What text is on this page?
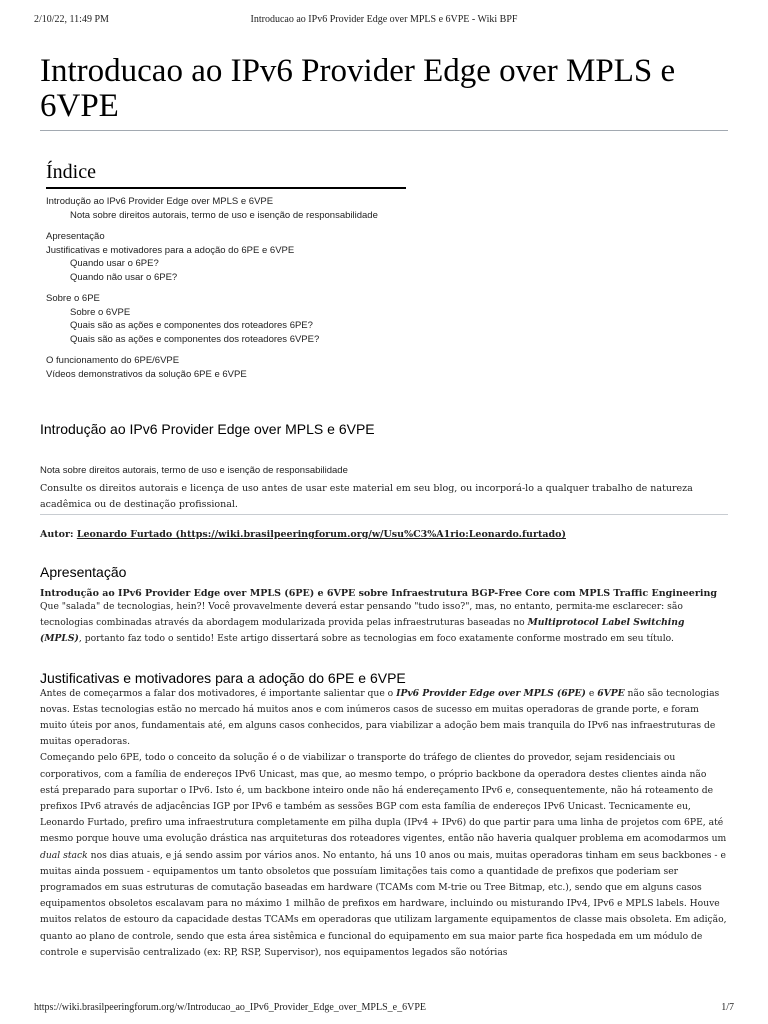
2/10/22, 11:49 PM	Introducao ao IPv6 Provider Edge over MPLS e 6VPE - Wiki BPF
Introducao ao IPv6 Provider Edge over MPLS e 6VPE
Índice
Introdução ao IPv6 Provider Edge over MPLS e 6VPE
Nota sobre direitos autorais, termo de uso e isenção de responsabilidade
Apresentação
Justificativas e motivadores para a adoção do 6PE e 6VPE
Quando usar o 6PE?
Quando não usar o 6PE?
Sobre o 6PE
Sobre o 6VPE
Quais são as ações e componentes dos roteadores 6PE?
Quais são as ações e componentes dos roteadores 6VPE?
O funcionamento do 6PE/6VPE
Vídeos demonstrativos da solução 6PE e 6VPE
Introdução ao IPv6 Provider Edge over MPLS e 6VPE
Nota sobre direitos autorais, termo de uso e isenção de responsabilidade
Consulte os direitos autorais e licença de uso antes de usar este material em seu blog, ou incorporá-lo a qualquer trabalho de natureza acadêmica ou de destinação profissional.
Autor: Leonardo Furtado (https://wiki.brasilpeeringforum.org/w/Usu%C3%A1rio:Leonardo.furtado)
Apresentação
Introdução ao IPv6 Provider Edge over MPLS (6PE) e 6VPE sobre Infraestrutura BGP-Free Core com MPLS Traffic Engineering

Que "salada" de tecnologias, hein?! Você provavelmente deverá estar pensando "tudo isso?", mas, no entanto, permita-me esclarecer: são tecnologias combinadas através da abordagem modularizada provida pelas infraestruturas baseadas no Multiprotocol Label Switching (MPLS), portanto faz todo o sentido! Este artigo dissertará sobre as tecnologias em foco exatamente conforme mostrado em seu título.

Justificativas e motivadores para a adoção do 6PE e 6VPE

Antes de começarmos a falar dos motivadores, é importante salientar que o IPv6 Provider Edge over MPLS (6PE) e 6VPE não são tecnologias novas. Estas tecnologias estão no mercado há muitos anos e com inúmeros casos de sucesso em muitas operadoras de grande porte, e foram muito úteis por anos, fundamentais até, em alguns casos conhecidos, para viabilizar a adoção bem mais tranquila do IPv6 nas infraestruturas de muitas operadoras.

Começando pelo 6PE, todo o conceito da solução é o de viabilizar o transporte do tráfego de clientes do provedor, sejam residenciais ou corporativos, com a família de endereços IPv6 Unicast, mas que, ao mesmo tempo, o próprio backbone da operadora destes clientes ainda não está preparado para suportar o IPv6. Isto é, um backbone inteiro onde não há endereçamento IPv6 e, consequentemente, não há roteamento de prefixos IPv6 através de adjacências IGP por IPv6 e também as sessões BGP com esta família de endereços IPv6 Unicast. Tecnicamente eu, Leonardo Furtado, prefiro uma infraestrutura completamente em pilha dupla (IPv4 + IPv6) do que partir para uma linha de projetos com 6PE, até mesmo porque houve uma evolução drástica nas arquiteturas dos roteadores vigentes, então não haveria qualquer problema em acomodarmos um dual stack nos dias atuais, e já sendo assim por vários anos. No entanto, há uns 10 anos ou mais, muitas operadoras tinham em seus backbones - e muitas ainda possuem - equipamentos um tanto obsoletos que possuíam limitações tais como a quantidade de prefixos que poderiam ser programados em suas estruturas de comutação baseadas em hardware (TCAMs com M-trie ou Tree Bitmap, etc.), sendo que em alguns casos equipamentos obsoletos escalavam para no máximo 1 milhão de prefixos em hardware, incluindo ou misturando IPv4, IPv6 e MPLS labels. Houve muitos relatos de estouro da capacidade destas TCAMs em operadoras que utilizam largamente equipamentos de classe mais obsoleta. Em adição, quanto ao plano de controle, sendo que esta área sistêmica e funcional do equipamento em sua maior parte fica hospedada em um módulo de controle e supervisão centralizado (ex: RP, RSP, Supervisor), nos equipamentos legados são notórias

https://wiki.brasilpeeringforum.org/w/Introducao_ao_IPv6_Provider_Edge_over_MPLS_e_6VPE	1/7
